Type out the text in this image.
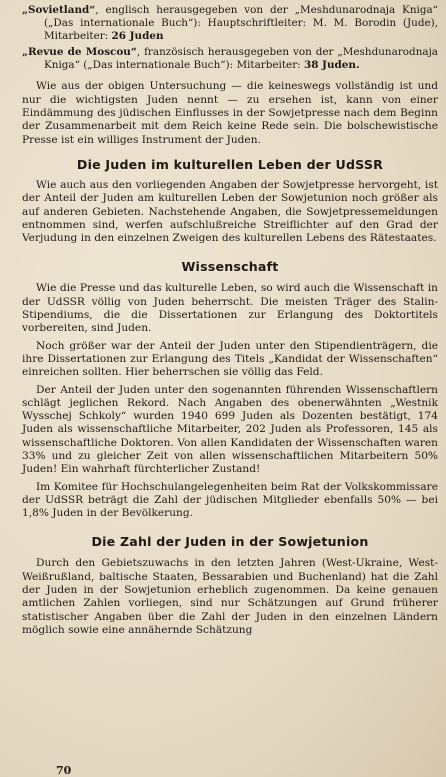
„Sovietland“, englisch herausgegeben von der „Meshdunarodnaja Kniga“ („Das internationale Buch“): Hauptschriftleiter: M. M. Borodin (Jude), Mitarbeiter: 26 Juden
„Revue de Moscou“, französisch herausgegeben von der „Meshdunarodnaja Kniga“ („Das internationale Buch“): Mitarbeiter: 38 Juden.

Wie aus der obigen Untersuchung — die keineswegs vollständig ist und nur die wichtigsten Juden nennt — zu ersehen ist, kann von einer Eindämmung des jüdischen Einflusses in der Sowjetpresse nach dem Beginn der Zusammenarbeit mit dem Reich keine Rede sein. Die bolschewistische Presse ist ein williges Instrument der Juden.

Die Juden im kulturellen Leben der UdSSR

Wie auch aus den vorliegenden Angaben der Sowjetpresse hervorgeht, ist der Anteil der Juden am kulturellen Leben der Sowjetunion noch größer als auf anderen Gebieten. Nachstehende Angaben, die Sowjetpressemeldungen entnommen sind, werfen aufschlußreiche Streiflichter auf den Grad der Verjudung in den einzelnen Zweigen des kulturellen Lebens des Rätestaates.

Wissenschaft

Wie die Presse und das kulturelle Leben, so wird auch die Wissenschaft in der UdSSR völlig von Juden beherrscht. Die meisten Träger des Stalin-Stipendiums, die die Dissertationen zur Erlangung des Doktortitels vorbereiten, sind Juden.

Noch größer war der Anteil der Juden unter den Stipendienträgern, die ihre Dissertationen zur Erlangung des Titels „Kandidat der Wissenschaften“ einreichen sollten. Hier beherrschen sie völlig das Feld.

Der Anteil der Juden unter den sogenannten führenden Wissenschaftlern schlägt jeglichen Rekord. Nach Angaben des obenerwähnten „Westnik Wysschej Schkoly“ wurden 1940 699 Juden als Dozenten bestätigt, 174 Juden als wissenschaftliche Mitarbeiter, 202 Juden als Professoren, 145 als wissenschaftliche Doktoren. Von allen Kandidaten der Wissenschaften waren 33% und zu gleicher Zeit von allen wissenschaftlichen Mitarbeitern 50% Juden! Ein wahrhaft fürchterlicher Zustand!

Im Komitee für Hochschulangelegenheiten beim Rat der Volkskommissare der UdSSR beträgt die Zahl der jüdischen Mitglieder ebenfalls 50% — bei 1,8% Juden in der Bevölkerung.

Die Zahl der Juden in der Sowjetunion

Durch den Gebietszuwachs in den letzten Jahren (West-Ukraine, West-Weißrußland, baltische Staaten, Bessarabien und Buchenland) hat die Zahl der Juden in der Sowjetunion erheblich zugenommen. Da keine genauen amtlichen Zahlen vorliegen, sind nur Schätzungen auf Grund früherer statistischer Angaben über die Zahl der Juden in den einzelnen Ländern möglich sowie eine annähernde Schätzung

70
